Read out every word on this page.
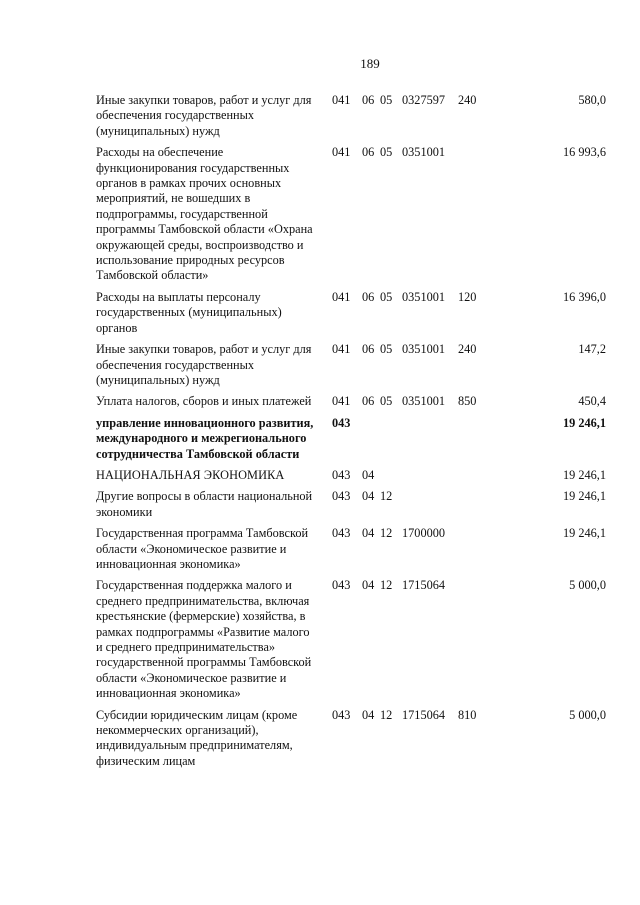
189
Иные закупки товаров, работ и услуг для обеспечения государственных (муниципальных) нужд	041	06	05	0327597	240	580,0
Расходы на обеспечение функционирования государственных органов в рамках прочих основных мероприятий, не вошедших в подпрограммы, государственной программы Тамбовской области «Охрана окружающей среды, воспроизводство и использование природных ресурсов Тамбовской области»	041	06	05	0351001		16 993,6
Расходы на выплаты персоналу государственных (муниципальных) органов	041	06	05	0351001	120	16 396,0
Иные закупки товаров, работ и услуг для обеспечения государственных (муниципальных) нужд	041	06	05	0351001	240	147,2
Уплата налогов, сборов и иных платежей	041	06	05	0351001	850	450,4
управление инновационного развития, международного и межрегионального сотрудничества Тамбовской области	043					19 246,1
НАЦИОНАЛЬНАЯ ЭКОНОМИКА	043	04				19 246,1
Другие вопросы в области национальной экономики	043	04	12			19 246,1
Государственная программа Тамбовской области «Экономическое развитие и инновационная экономика»	043	04	12	1700000		19 246,1
Государственная поддержка малого и среднего предпринимательства, включая крестьянские (фермерские) хозяйства, в рамках подпрограммы «Развитие малого и среднего предпринимательства» государственной программы Тамбовской области «Экономическое развитие и инновационная экономика»	043	04	12	1715064		5 000,0
Субсидии юридическим лицам (кроме некоммерческих организаций), индивидуальным предпринимателям, физическим лицам	043	04	12	1715064	810	5 000,0
